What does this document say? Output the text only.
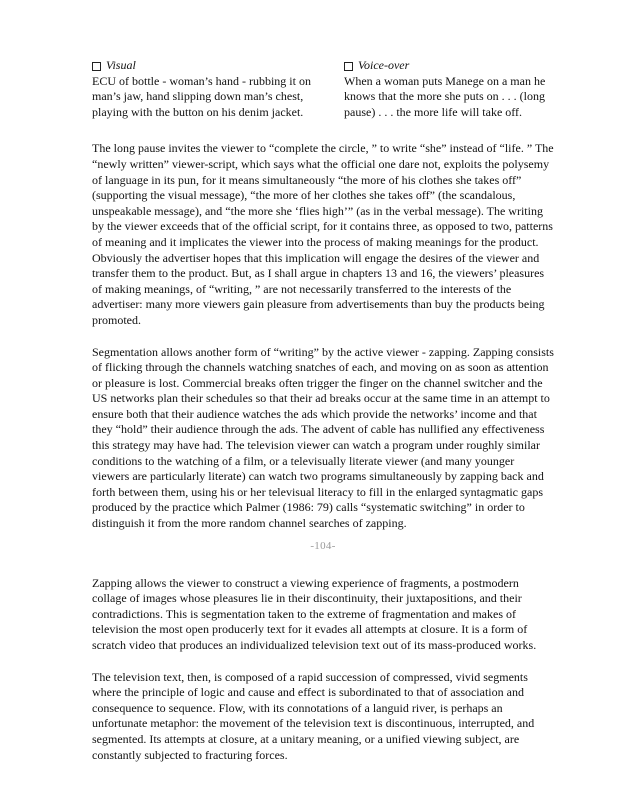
Visual
ECU of bottle - woman’s hand - rubbing it on man’s jaw, hand slipping down man’s chest, playing with the button on his denim jacket.
Voice-over
When a woman puts Manege on a man he knows that the more she puts on . . . (long pause) . . . the more life will take off.

The long pause invites the viewer to “complete the circle, ” to write “she” instead of “life. ” The “newly written” viewer-script, which says what the official one dare not, exploits the polysemy of language in its pun, for it means simultaneously “the more of his clothes she takes off” (supporting the visual message), “the more of her clothes she takes off” (the scandalous, unspeakable message), and “the more she ‘flies high’” (as in the verbal message). The writing by the viewer exceeds that of the official script, for it contains three, as opposed to two, patterns of meaning and it implicates the viewer into the process of making meanings for the product. Obviously the advertiser hopes that this implication will engage the desires of the viewer and transfer them to the product. But, as I shall argue in chapters 13 and 16, the viewers’ pleasures of making meanings, of “writing, ” are not necessarily transferred to the interests of the advertiser: many more viewers gain pleasure from advertisements than buy the products being promoted.

Segmentation allows another form of “writing” by the active viewer - zapping. Zapping consists of flicking through the channels watching snatches of each, and moving on as soon as attention or pleasure is lost. Commercial breaks often trigger the finger on the channel switcher and the US networks plan their schedules so that their ad breaks occur at the same time in an attempt to ensure both that their audience watches the ads which provide the networks’ income and that they “hold” their audience through the ads. The advent of cable has nullified any effectiveness this strategy may have had. The television viewer can watch a program under roughly similar conditions to the watching of a film, or a televisually literate viewer (and many younger viewers are particularly literate) can watch two programs simultaneously by zapping back and forth between them, using his or her televisual literacy to fill in the enlarged syntagmatic gaps produced by the practice which Palmer (1986: 79) calls “systematic switching” in order to distinguish it from the more random channel searches of zapping.

-104-

Zapping allows the viewer to construct a viewing experience of fragments, a postmodern collage of images whose pleasures lie in their discontinuity, their juxtapositions, and their contradictions. This is segmentation taken to the extreme of fragmentation and makes of television the most open producerly text for it evades all attempts at closure. It is a form of scratch video that produces an individualized television text out of its mass-produced works.

The television text, then, is composed of a rapid succession of compressed, vivid segments where the principle of logic and cause and effect is subordinated to that of association and consequence to sequence. Flow, with its connotations of a languid river, is perhaps an unfortunate metaphor: the movement of the television text is discontinuous, interrupted, and segmented. Its attempts at closure, at a unitary meaning, or a unified viewing subject, are constantly subjected to fracturing forces.
